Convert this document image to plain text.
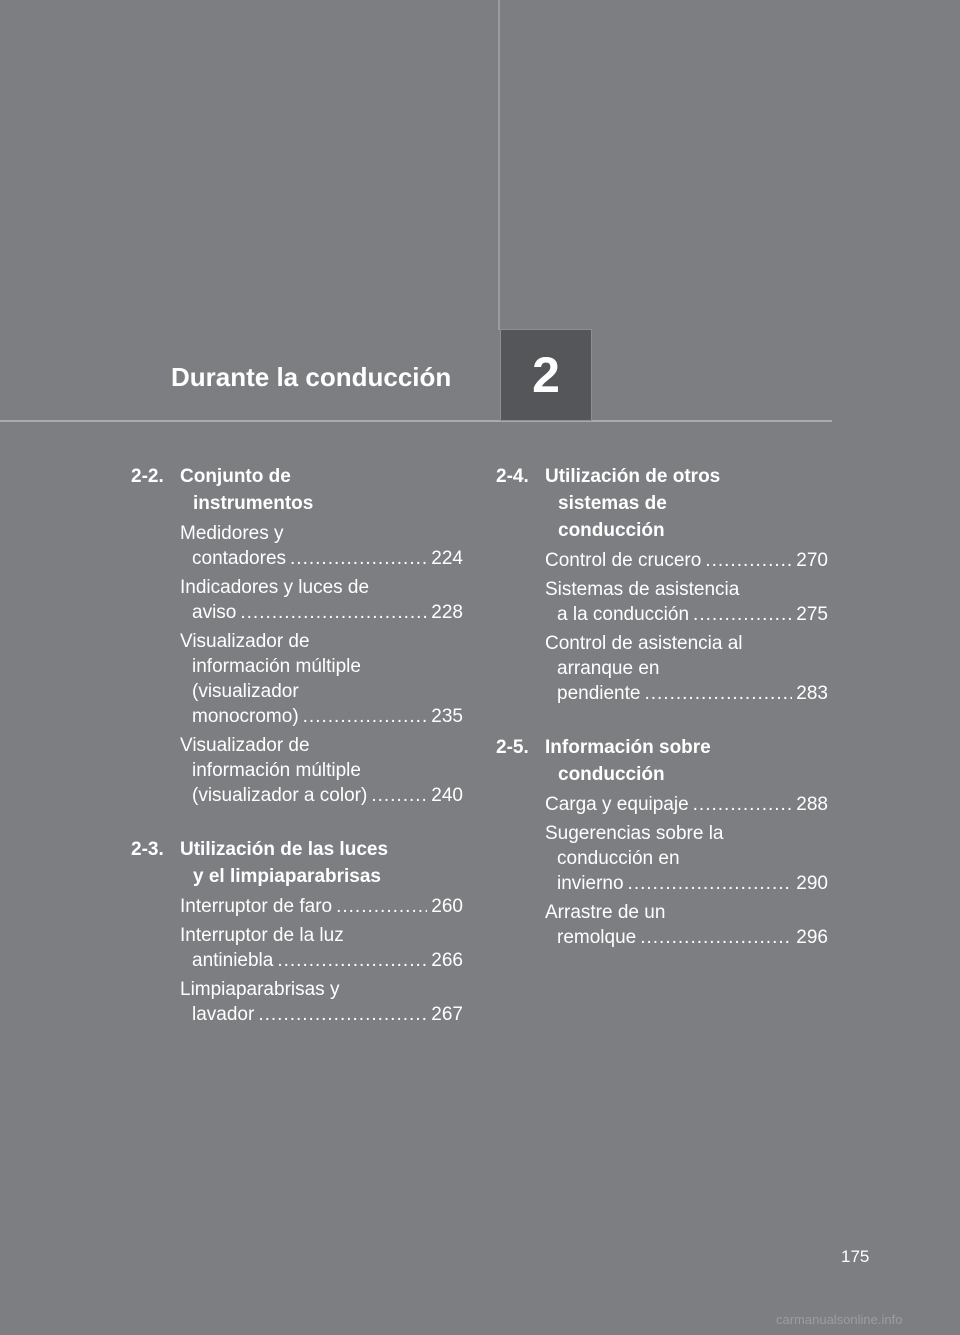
Durante la conducción 2
2-2. Conjunto de

instrumentos
Medidores y
contadores .....	224
Indicadores y luces de
aviso .....	228
Visualizador de
información múltiple
(visualizador
monocromo) .....	235
Visualizador de
información múltiple
(visualizador a color) .....	240
2-3. Utilización de las luces

y el limpiaparabrisas
Interruptor de faro .....	260
Interruptor de la luz
antiniebla .....	266
Limpiaparabrisas y
lavador .....	267
2-4. Utilización de otros

sistemas de
conducción
Control de crucero .....	270
Sistemas de asistencia
a la conducción .....	275
Control de asistencia al
arranque en
pendiente .....	283
2-5. Información sobre

conducción
Carga y equipaje .....	288
Sugerencias sobre la
conducción en
invierno .....	290
Arrastre de un
remolque .....	296
175
carmanualsonline.info
